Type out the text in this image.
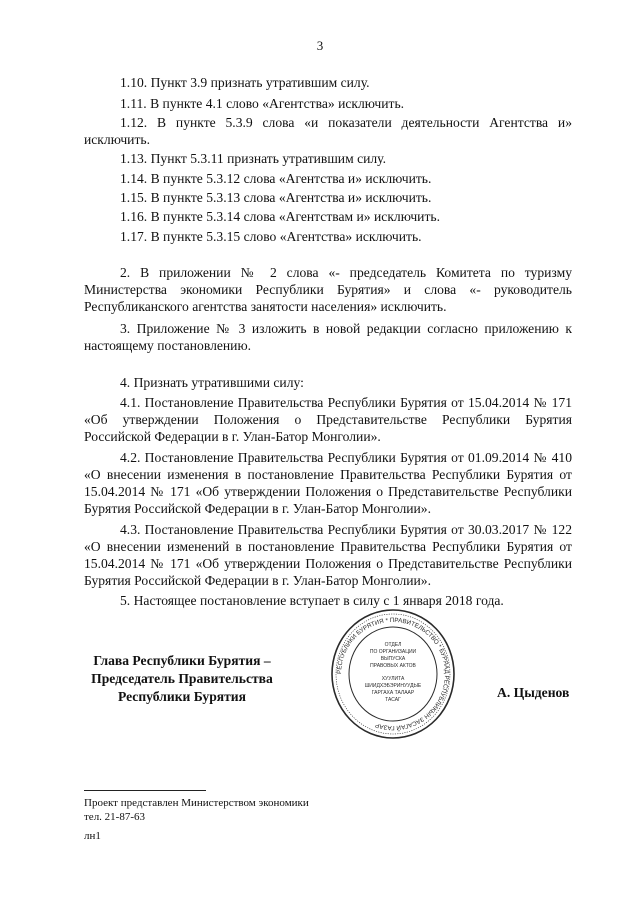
3

1.10. Пункт 3.9 признать утратившим силу.

1.11. В пункте 4.1 слово «Агентства» исключить.

1.12. В пункте 5.3.9 слова «и показатели деятельности Агентства и» исключить.

1.13. Пункт 5.3.11 признать утратившим силу.

1.14. В пункте 5.3.12 слова «Агентства и» исключить.

1.15. В пункте 5.3.13 слова «Агентства и» исключить.

1.16. В пункте 5.3.14 слова «Агентствам и» исключить.

1.17. В пункте 5.3.15 слово «Агентства» исключить.

2. В приложении № 2 слова «- председатель Комитета по туризму Министерства экономики Республики Бурятия» и слова «- руководитель Республиканского агентства занятости населения» исключить.

3. Приложение № 3 изложить в новой редакции согласно приложению к настоящему постановлению.

4. Признать утратившими силу:

4.1. Постановление Правительства Республики Бурятия от 15.04.2014 № 171 «Об утверждении Положения о Представительстве Республики Бурятия Российской Федерации в г. Улан-Батор Монголии».

4.2. Постановление Правительства Республики Бурятия от 01.09.2014 № 410 «О внесении изменения в постановление Правительства Республики Бурятия от 15.04.2014 № 171 «Об утверждении Положения о Представительстве Республики Бурятия Российской Федерации в г. Улан-Батор Монголии».

4.3. Постановление Правительства Республики Бурятия от 30.03.2017 № 122 «О внесении изменений в постановление Правительства Республики Бурятия от 15.04.2014 № 171 «Об утверждении Положения о Представительстве Республики Бурятия Российской Федерации в г. Улан-Батор Монголии».

5. Настоящее постановление вступает в силу с 1 января 2018 года.

Глава Республики Бурятия –
Председатель Правительства
Республики Бурятия
РЕСПУБЛИКИ БУРЯТИЯ * ПРАВИТЕЛЬСТВО * БУРЯАД РЕСПУБЛИКЫН ЗАСАГАЙ ГАЗАР
ОТДЕЛ
ПО ОРГАНИЗАЦИИ
ВЫПУСКА
ПРАВОВЫХ АКТОВ
ХУУЛИТА
ШИИДХЭБЭРИНУУДЫЕ
ГАРГАХА ТАЛААР
ТАСАГ	А. Цыденов
Проект представлен Министерством экономики
тел. 21-87-63
лн1
